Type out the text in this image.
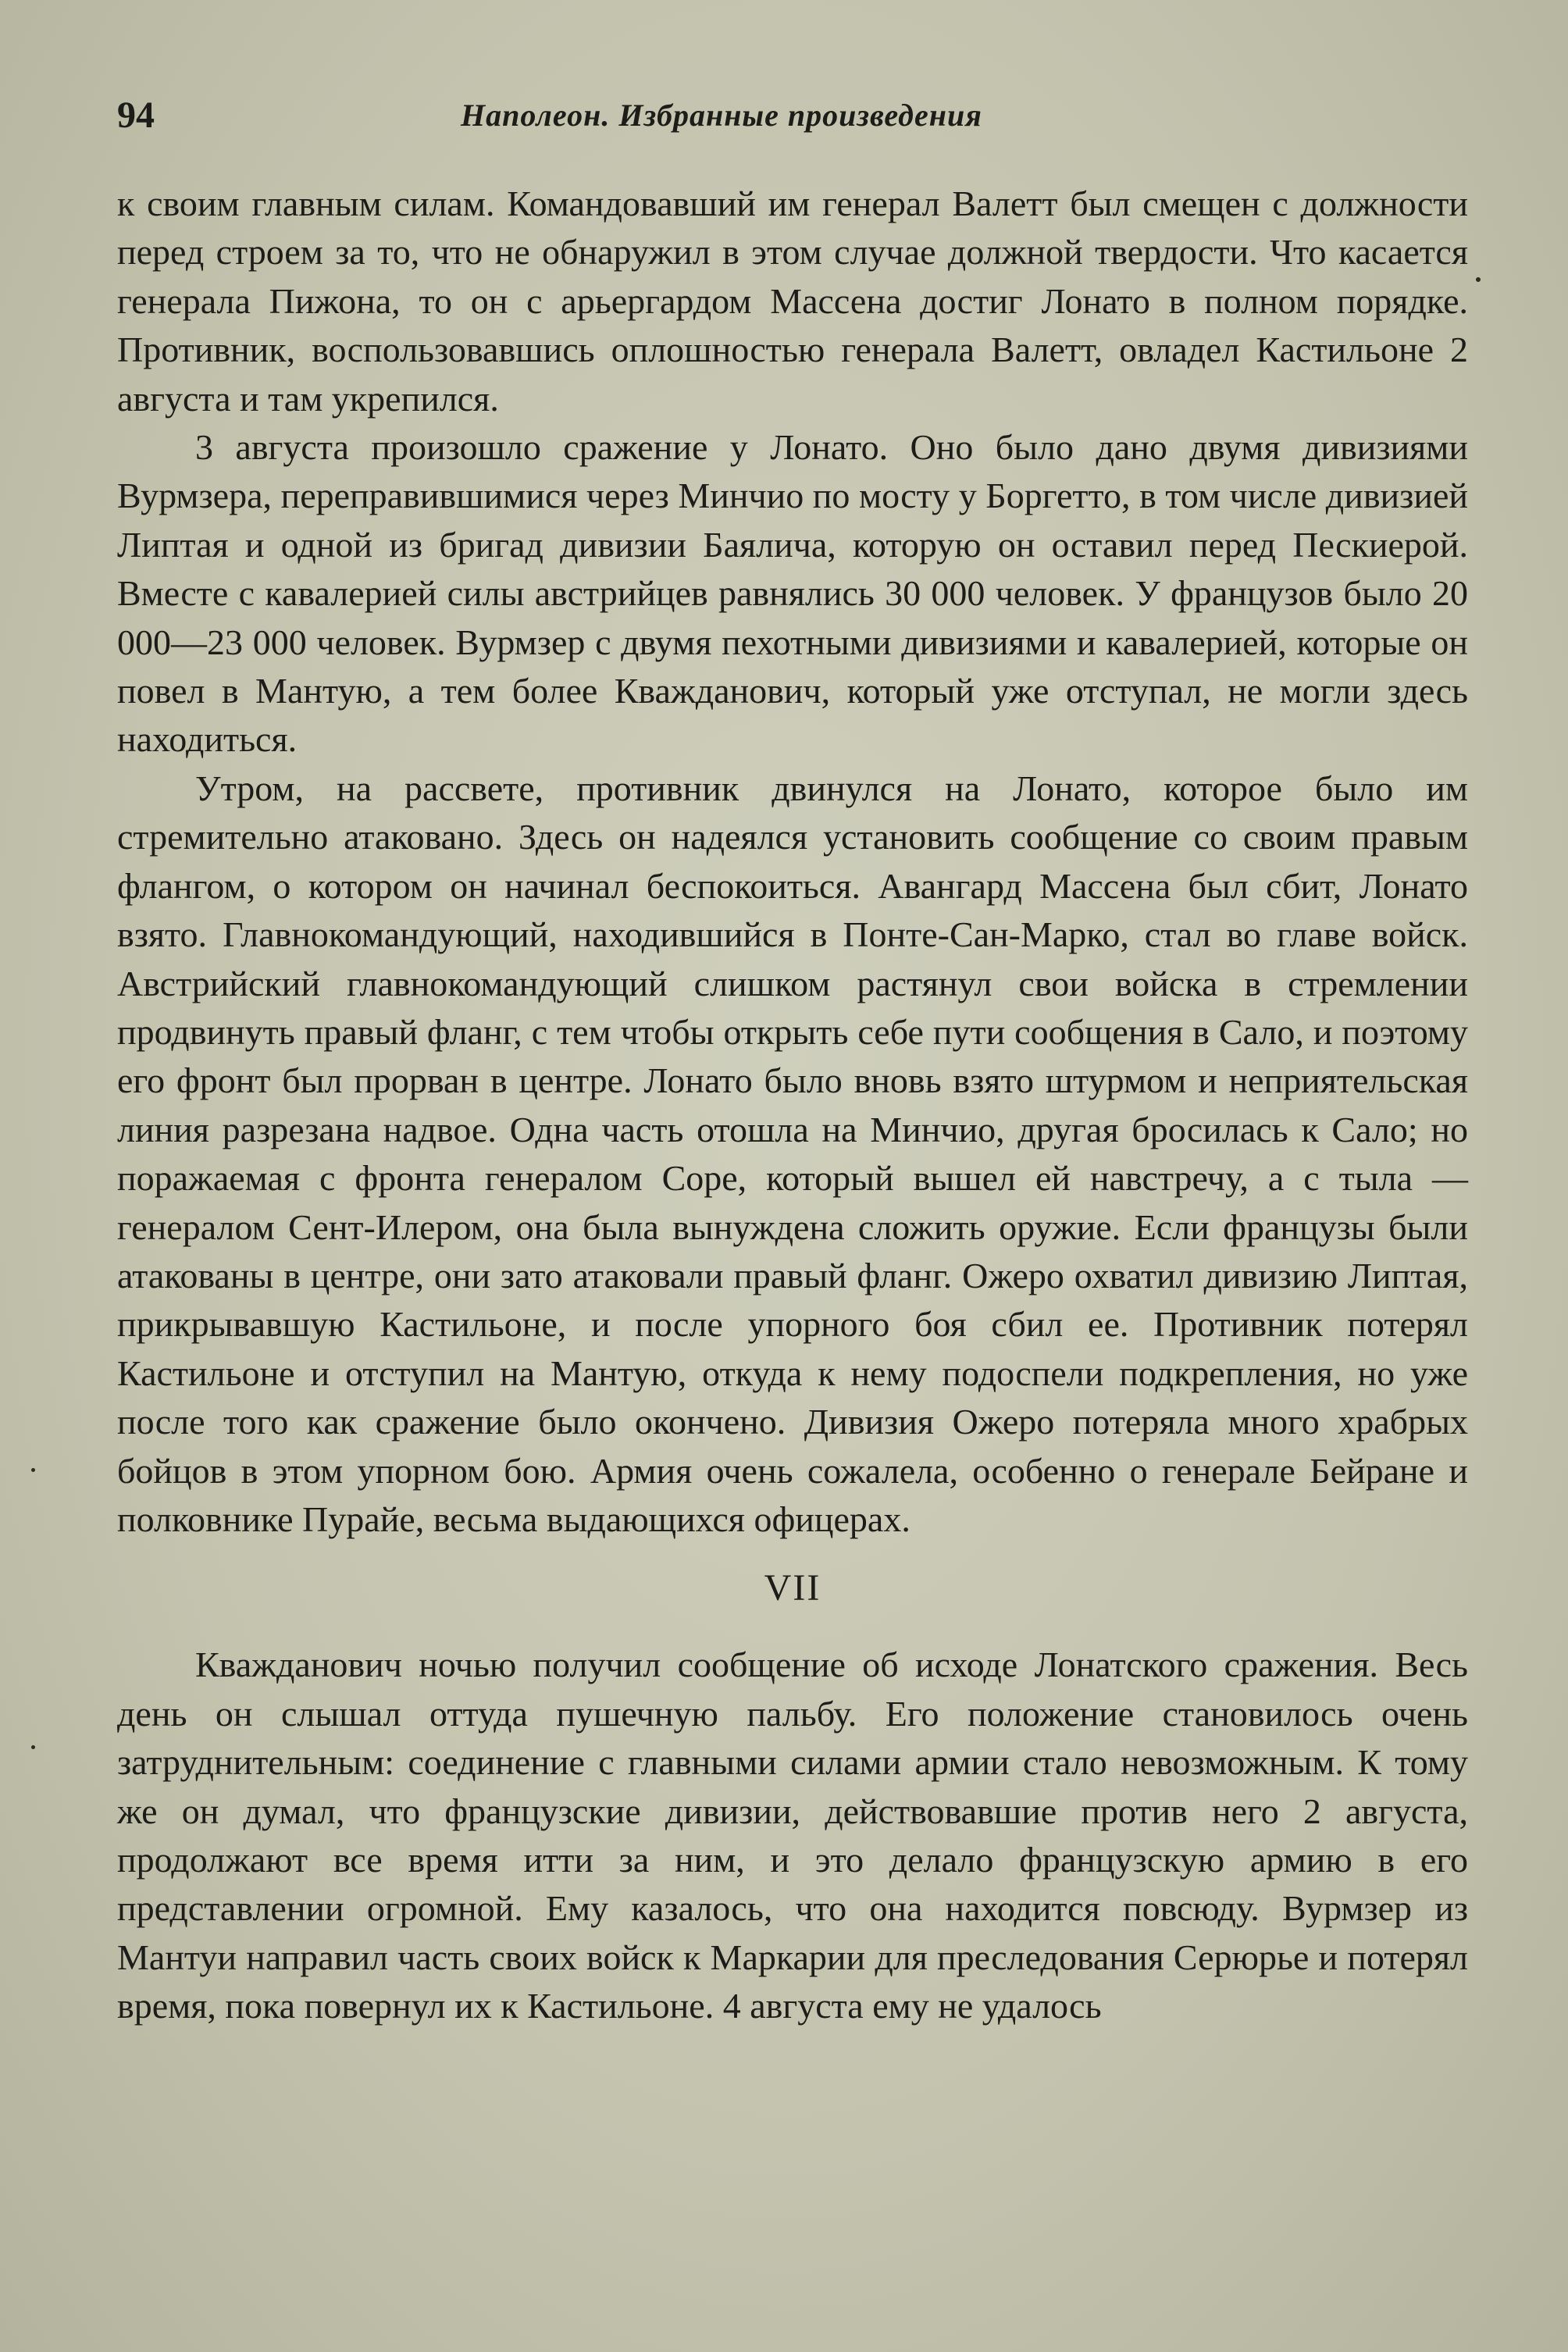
94	Наполеон. Избранные произведения

к своим главным силам. Командовавший им генерал Валетт был смещен с должности перед строем за то, что не обнаружил в этом случае должной твердости. Что касается генерала Пижона, то он с арьергардом Массена достиг Лонато в полном порядке. Противник, воспользовавшись оплошностью генерала Валетт, овладел Кастильоне 2 августа и там укрепился.

3 августа произошло сражение у Лонато. Оно было дано двумя дивизиями Вурмзера, переправившимися через Минчио по мосту у Боргетто, в том числе дивизией Липтая и одной из бригад дивизии Баялича, которую он оставил перед Пескиерой. Вместе с кавалерией силы австрийцев равнялись 30 000 человек. У французов было 20 000—23 000 человек. Вурмзер с двумя пехотными дивизиями и кавалерией, которые он повел в Мантую, а тем более Кважданович, который уже отступал, не могли здесь находиться.

Утром, на рассвете, противник двинулся на Лонато, которое было им стремительно атаковано. Здесь он надеялся установить сообщение со своим правым флангом, о котором он начинал беспокоиться. Авангард Массена был сбит, Лонато взято. Главнокомандующий, находившийся в Понте-Сан-Марко, стал во главе войск. Австрийский главнокомандующий слишком растянул свои войска в стремлении продвинуть правый фланг, с тем чтобы открыть себе пути сообщения в Сало, и поэтому его фронт был прорван в центре. Лонато было вновь взято штурмом и неприятельская линия разрезана надвое. Одна часть отошла на Минчио, другая бросилась к Сало; но поражаемая с фронта генералом Соре, который вышел ей навстречу, а с тыла — генералом Сент-Илером, она была вынуждена сложить оружие. Если французы были атакованы в центре, они зато атаковали правый фланг. Ожеро охватил дивизию Липтая, прикрывавшую Кастильоне, и после упорного боя сбил ее. Противник потерял Кастильоне и отступил на Мантую, откуда к нему подоспели подкрепления, но уже после того как сражение было окончено. Дивизия Ожеро потеряла много храбрых бойцов в этом упорном бою. Армия очень сожалела, особенно о генерале Бейране и полковнике Пурайе, весьма выдающихся офицерах.

VII

Кважданович ночью получил сообщение об исходе Лонатского сражения. Весь день он слышал оттуда пушечную пальбу. Его положение становилось очень затруднительным: соединение с главными силами армии стало невозможным. К тому же он думал, что французские дивизии, действовавшие против него 2 августа, продолжают все время итти за ним, и это делало французскую армию в его представлении огромной. Ему казалось, что она находится повсюду. Вурмзер из Мантуи направил часть своих войск к Маркарии для преследования Серюрье и потерял время, пока повернул их к Кастильоне. 4 августа ему не удалось
